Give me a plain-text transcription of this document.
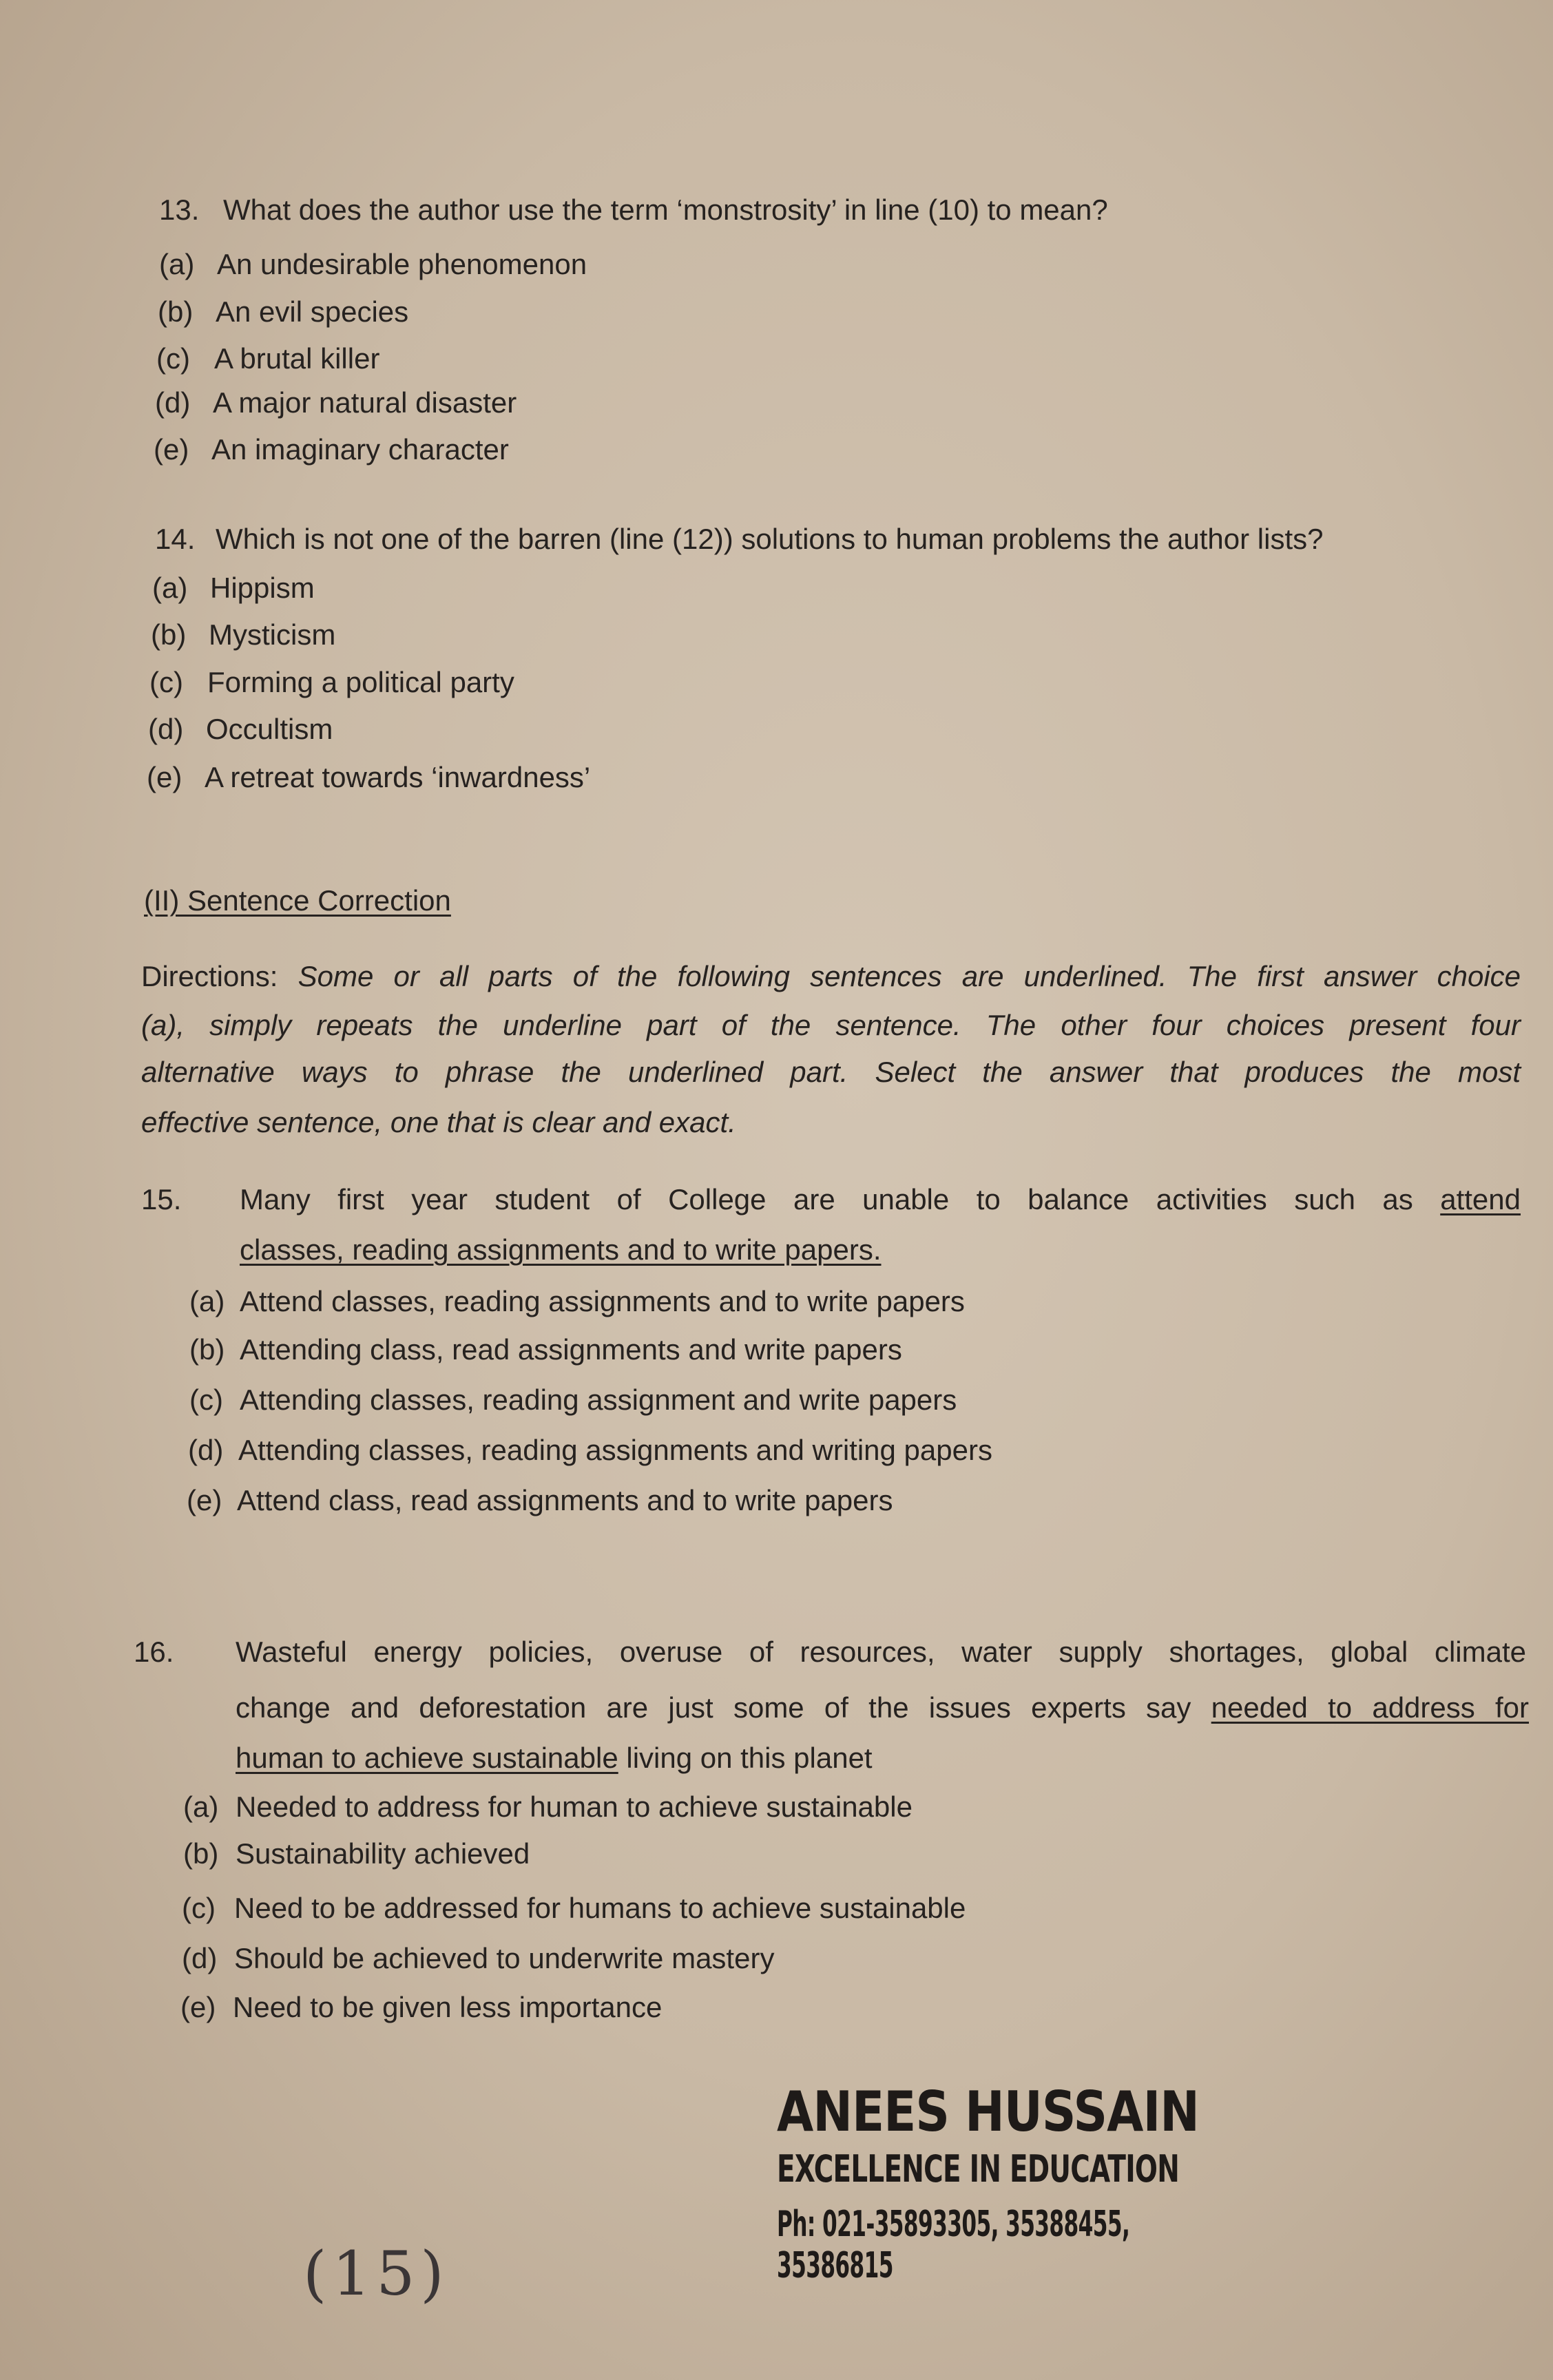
13. What does the author use the term ‘monstrosity’ in line (10) to mean?
(a) An undesirable phenomenon
(b) An evil species
(c) A brutal killer
(d) A major natural disaster
(e) An imaginary character
14. Which is not one of the barren (line (12)) solutions to human problems the author lists?
(a) Hippism
(b) Mysticism
(c) Forming a political party
(d) Occultism
(e) A retreat towards ‘inwardness’
(II) Sentence Correction
Directions: Some or all parts of the following sentences are underlined. The first answer choice
(a), simply repeats the underline part of the sentence. The other four choices present four
alternative ways to phrase the underlined part. Select the answer that produces the most
effective sentence, one that is clear and exact.
15. Many first year student of College are unable to balance activities such as attend
classes, reading assignments and to write papers.
(a) Attend classes, reading assignments and to write papers
(b) Attending class, read assignments and write papers
(c) Attending classes, reading assignment and write papers
(d) Attending classes, reading assignments and writing papers
(e) Attend class, read assignments and to write papers
16. Wasteful energy policies, overuse of resources, water supply shortages, global climate
change and deforestation are just some of the issues experts say needed to address for
human to achieve sustainable living on this planet
(a) Needed to address for human to achieve sustainable
(b) Sustainability achieved
(c) Need to be addressed for humans to achieve sustainable
(d) Should be achieved to underwrite mastery
(e) Need to be given less importance
ANEES HUSSAIN
EXCELLENCE IN EDUCATION
Ph: 021-35893305, 35388455, 35386815
(15)
